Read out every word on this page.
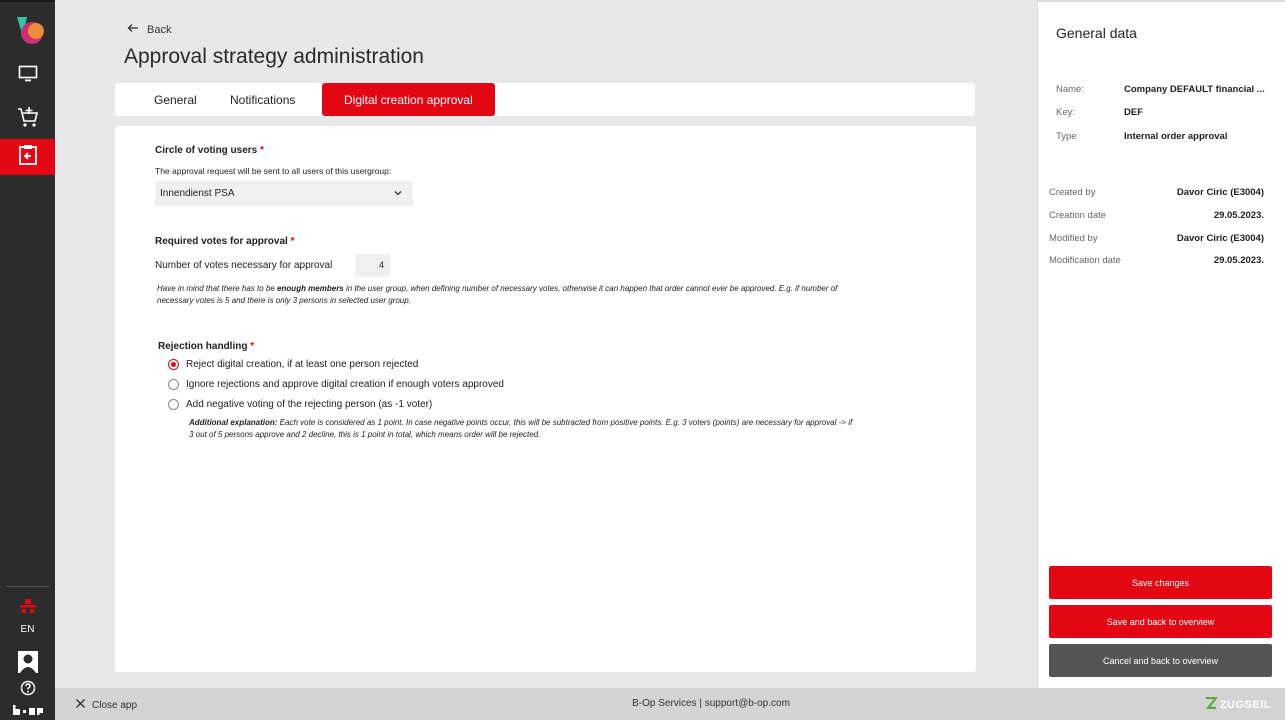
EN
Back
Approval strategy administration
General	Notifications	Digital creation approval
Circle of voting users *
The approval request will be sent to all users of this usergroup:
Innendienst PSA
Required votes for approval *
Number of votes necessary for approval	4
Have in mind that there has to be enough members in the user group, when defining number of necessary votes, otherwise it can happen that order cannot ever be approved. E.g. if number of
necessary votes is 5 and there is only 3 persons in selected user group.
Rejection handling *
Reject digital creation, if at least one person rejected
Ignore rejections and approve digital creation if enough voters approved
Add negative voting of the rejecting person (as -1 voter)
Additional explanation: Each vote is considered as 1 point. In case negative points occur, this will be subtracted from positive points. E.g. 3 voters (points) are necessary for approval -> if
3 out of 5 persons approve and 2 decline, this is 1 point in total, which means order will be rejected.
General data
Name:	Company DEFAULT financial ...
Key:	DEF
Type	Internal order approval
Created by	Davor Ciric (E3004)
Creation date	29.05.2023.
Modified by	Davor Ciric (E3004)
Modification date	29.05.2023.
Save changes
Save and back to overview
Cancel and back to overview
Close app	B-Op Services | support@b-op.com	ZUGSEIL
